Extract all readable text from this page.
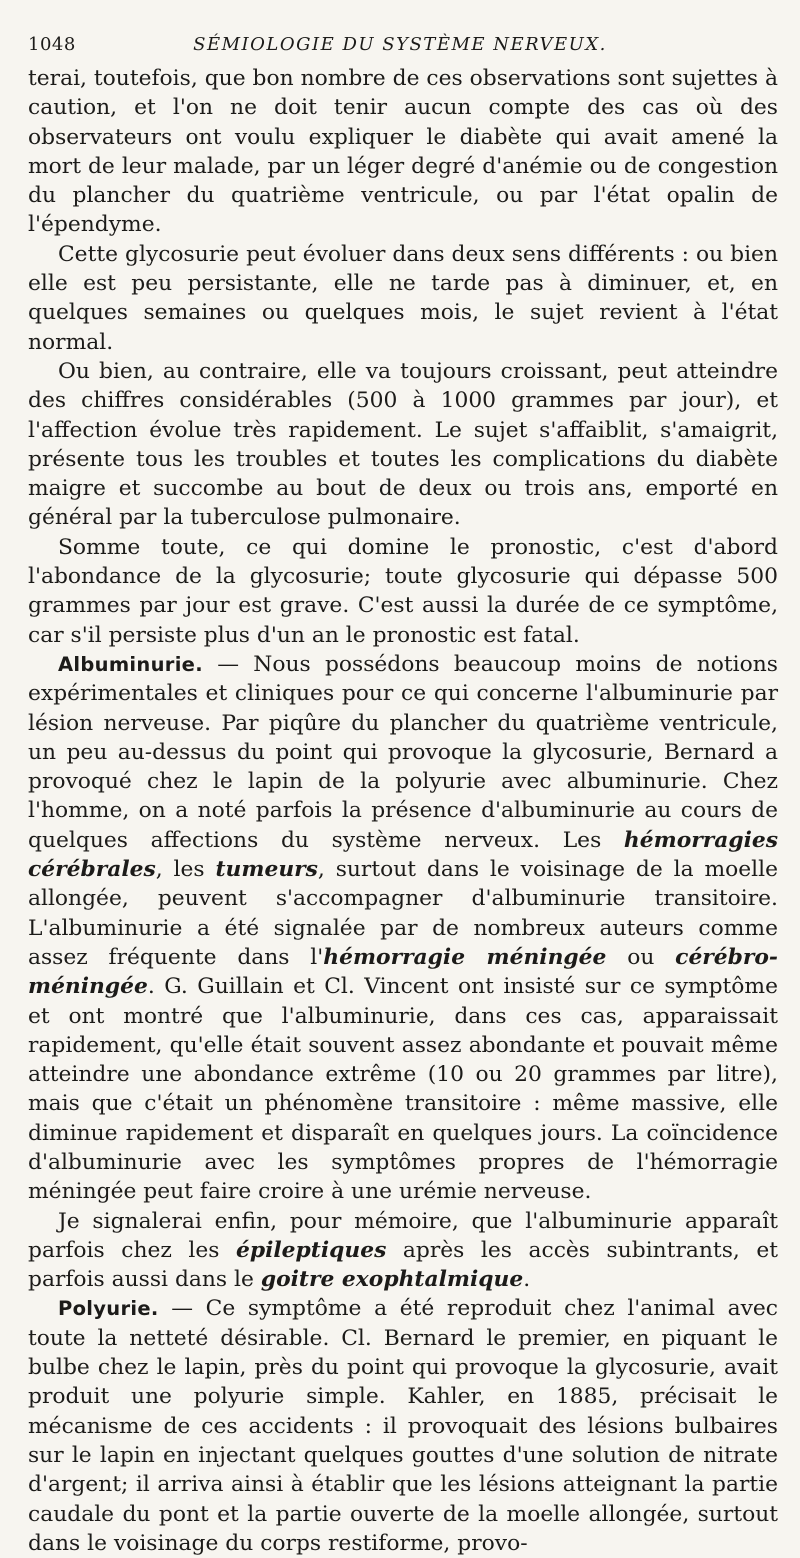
1048	SÉMIOLOGIE DU SYSTÈME NERVEUX.

terai, toutefois, que bon nombre de ces observations sont sujettes à caution, et l'on ne doit tenir aucun compte des cas où des observateurs ont voulu expliquer le diabète qui avait amené la mort de leur malade, par un léger degré d'anémie ou de congestion du plancher du quatrième ventricule, ou par l'état opalin de l'épendyme.

Cette glycosurie peut évoluer dans deux sens différents : ou bien elle est peu persistante, elle ne tarde pas à diminuer, et, en quelques semaines ou quelques mois, le sujet revient à l'état normal.

Ou bien, au contraire, elle va toujours croissant, peut atteindre des chiffres considérables (500 à 1000 grammes par jour), et l'affection évolue très rapidement. Le sujet s'affaiblit, s'amaigrit, présente tous les troubles et toutes les complications du diabète maigre et succombe au bout de deux ou trois ans, emporté en général par la tuberculose pulmonaire.

Somme toute, ce qui domine le pronostic, c'est d'abord l'abondance de la glycosurie; toute glycosurie qui dépasse 500 grammes par jour est grave. C'est aussi la durée de ce symptôme, car s'il persiste plus d'un an le pronostic est fatal.

Albuminurie. — Nous possédons beaucoup moins de notions expérimentales et cliniques pour ce qui concerne l'albuminurie par lésion nerveuse. Par piqûre du plancher du quatrième ventricule, un peu au-dessus du point qui provoque la glycosurie, Bernard a provoqué chez le lapin de la polyurie avec albuminurie. Chez l'homme, on a noté parfois la présence d'albuminurie au cours de quelques affections du système nerveux. Les hémorragies cérébrales, les tumeurs, surtout dans le voisinage de la moelle allongée, peuvent s'accompagner d'albuminurie transitoire. L'albuminurie a été signalée par de nombreux auteurs comme assez fréquente dans l'hémorragie méningée ou cérébro-méningée. G. Guillain et Cl. Vincent ont insisté sur ce symptôme et ont montré que l'albuminurie, dans ces cas, apparaissait rapidement, qu'elle était souvent assez abondante et pouvait même atteindre une abondance extrême (10 ou 20 grammes par litre), mais que c'était un phénomène transitoire : même massive, elle diminue rapidement et disparaît en quelques jours. La coïncidence d'albuminurie avec les symptômes propres de l'hémorragie méningée peut faire croire à une urémie nerveuse.

Je signalerai enfin, pour mémoire, que l'albuminurie apparaît parfois chez les épileptiques après les accès subintrants, et parfois aussi dans le goitre exophtalmique.

Polyurie. — Ce symptôme a été reproduit chez l'animal avec toute la netteté désirable. Cl. Bernard le premier, en piquant le bulbe chez le lapin, près du point qui provoque la glycosurie, avait produit une polyurie simple. Kahler, en 1885, précisait le mécanisme de ces accidents : il provoquait des lésions bulbaires sur le lapin en injectant quelques gouttes d'une solution de nitrate d'argent; il arriva ainsi à établir que les lésions atteignant la partie caudale du pont et la partie ouverte de la moelle allongée, surtout dans le voisinage du corps restiforme, provo-
